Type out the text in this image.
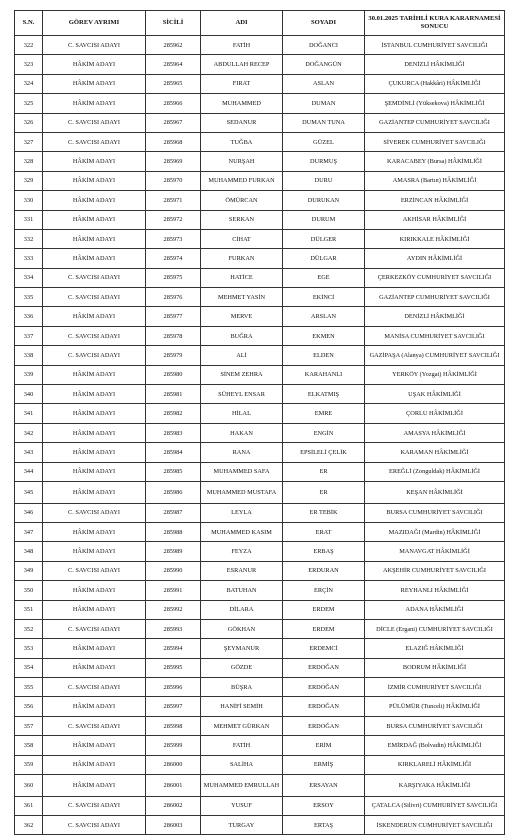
S.N.	GÖREV AYRIMI	SİCİLİ	ADI	SOYADI	30.01.2025 TARİHLİ KURA KARARNAMESİ SONUCU
322	C. SAVCISI ADAYI	285962	FATİH	DOĞANCI	İSTANBUL CUMHURİYET SAVCILIĞI
323	HÂKİM ADAYI	285964	ABDULLAH RECEP	DOĞANGÜN	DENİZLİ HÂKİMLİĞİ
324	HÂKİM ADAYI	285965	FIRAT	ASLAN	ÇUKURCA (Hakkâri) HÂKİMLİĞİ
325	HÂKİM ADAYI	285966	MUHAMMED	DUMAN	ŞEMDİNLİ (Yüksekova) HÂKİMLİĞİ
326	C. SAVCISI ADAYI	285967	SEDANUR	DUMAN TUNA	GAZİANTEP CUMHURİYET SAVCILIĞI
327	C. SAVCISI ADAYI	285968	TUĞBA	GÜZEL	SİVEREK CUMHURİYET SAVCILIĞI
328	HÂKİM ADAYI	285969	NURŞAH	DURMUŞ	KARACABEY (Bursa) HÂKİMLİĞİ
329	HÂKİM ADAYI	285970	MUHAMMED FURKAN	DURU	AMASRA (Bartın) HÂKİMLİĞİ
330	HÂKİM ADAYI	285971	ÖMÜRCAN	DURUKAN	ERZİNCAN HÂKİMLİĞİ
331	HÂKİM ADAYI	285972	SERKAN	DURUM	AKHİSAR HÂKİMLİĞİ
332	HÂKİM ADAYI	285973	CİHAT	DÜLGER	KIRIKKALE HÂKİMLİĞİ
333	HÂKİM ADAYI	285974	FURKAN	DÜLGAR	AYDIN HÂKİMLİĞİ
334	C. SAVCISI ADAYI	285975	HATİCE	EGE	ÇERKEZKÖY CUMHURİYET SAVCILIĞI
335	C. SAVCISI ADAYI	285976	MEHMET YASİN	EKİNCİ	GAZİANTEP CUMHURİYET SAVCILIĞI
336	HÂKİM ADAYI	285977	MERVE	ARSLAN	DENİZLİ HÂKİMLİĞİ
337	C. SAVCISI ADAYI	285978	BUĞRA	EKMEN	MANİSA CUMHURİYET SAVCILIĞI
338	C. SAVCISI ADAYI	285979	ALİ	ELDEN	GAZİPAŞA (Alanya) CUMHURİYET SAVCILIĞI
339	HÂKİM ADAYI	285980	SİNEM ZEHRA	KARAHANLI	YERKÖY (Yozgat) HÂKİMLİĞİ
340	HÂKİM ADAYI	285981	SÜHEYL ENSAR	ELKATMIŞ	UŞAK HÂKİMLİĞİ
341	HÂKİM ADAYI	285982	HİLAL	EMRE	ÇORLU HÂKİMLİĞİ
342	HÂKİM ADAYI	285983	HAKAN	ENGİN	AMASYA HÂKİMLİĞİ
343	HÂKİM ADAYI	285984	RANA	EPSİLELİ ÇELİK	KARAMAN HÂKİMLİĞİ
344	HÂKİM ADAYI	285985	MUHAMMED SAFA	ER	EREĞLİ (Zonguldak) HÂKİMLİĞİ
345	HÂKİM ADAYI	285986	MUHAMMED MUSTAFA	ER	KEŞAN HÂKİMLİĞİ
346	C. SAVCISI ADAYI	285987	LEYLA	ER TEBİK	BURSA CUMHURİYET SAVCILIĞI
347	HÂKİM ADAYI	285988	MUHAMMED KASIM	ERAT	MAZIDAĞI (Mardin) HÂKİMLİĞİ
348	HÂKİM ADAYI	285989	FEYZA	ERBAŞ	MANAVGAT HÂKİMLİĞİ
349	C. SAVCISI ADAYI	285990	ESRANUR	ERDURAN	AKŞEHİR CUMHURİYET SAVCILIĞI
350	HÂKİM ADAYI	285991	BATUHAN	ERÇİN	REYHANLI HÂKİMLİĞİ
351	HÂKİM ADAYI	285992	DİLARA	ERDEM	ADANA HÂKİMLİĞİ
352	C. SAVCISI ADAYI	285993	GÖKHAN	ERDEM	DİCLE (Ergani) CUMHURİYET SAVCILIĞI
353	HÂKİM ADAYI	285994	ŞEYMANUR	ERDEMCİ	ELAZIĞ HÂKİMLİĞİ
354	HÂKİM ADAYI	285995	GÖZDE	ERDOĞAN	BODRUM HÂKİMLİĞİ
355	C. SAVCISI ADAYI	285996	BÜŞRA	ERDOĞAN	İZMİR CUMHURİYET SAVCILIĞI
356	HÂKİM ADAYI	285997	HANİFİ SEMİH	ERDOĞAN	PÜLÜMÜR (Tunceli) HÂKİMLİĞİ
357	C. SAVCISI ADAYI	285998	MEHMET GÜRKAN	ERDOĞAN	BURSA CUMHURİYET SAVCILIĞI
358	HÂKİM ADAYI	285999	FATİH	ERİM	EMİRDAĞ (Bolvadin) HÂKİMLİĞİ
359	HÂKİM ADAYI	286000	SALİHA	ERMİŞ	KIRKLARELİ HÂKİMLİĞİ
360	HÂKİM ADAYI	286001	MUHAMMED EMRULLAH	ERSAYAN	KARŞIYAKA HÂKİMLİĞİ
361	C. SAVCISI ADAYI	286002	YUSUF	ERSOY	ÇATALCA (Silivri) CUMHURİYET SAVCILIĞI
362	C. SAVCISI ADAYI	286003	TURGAY	ERTAŞ	İSKENDERUN CUMHURİYET SAVCILIĞI
